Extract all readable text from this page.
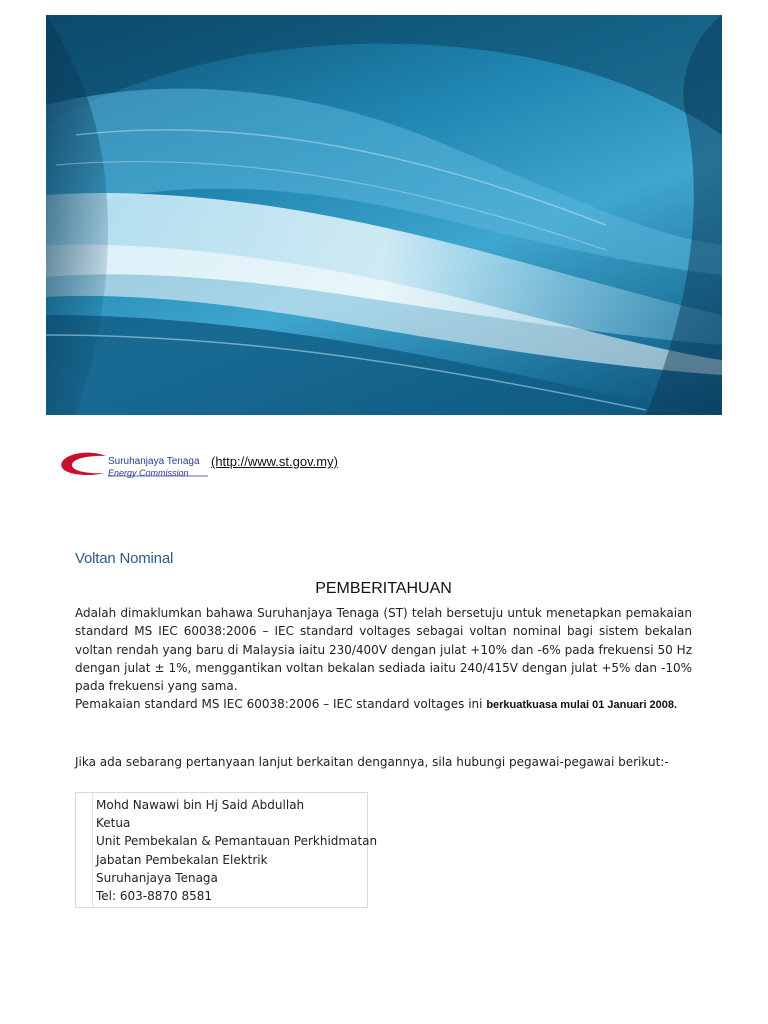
Suruhanjaya Tenaga
Energy Commission
(http://www.st.gov.my)
Voltan Nominal
PEMBERITAHUAN

Adalah dimaklumkan bahawa Suruhanjaya Tenaga (ST) telah bersetuju untuk menetapkan pemakaian standard MS IEC 60038:2006 – IEC standard voltages sebagai voltan nominal bagi sistem bekalan voltan rendah yang baru di Malaysia iaitu 230/400V dengan julat +10% dan -6% pada frekuensi 50 Hz dengan julat ± 1%, menggantikan voltan bekalan sediada iaitu 240/415V dengan julat +5% dan -10% pada frekuensi yang sama.

Pemakaian standard MS IEC 60038:2006 – IEC standard voltages ini berkuatkuasa mulai 01 Januari 2008.

Jika ada sebarang pertanyaan lanjut berkaitan dengannya, sila hubungi pegawai-pegawai berikut:-
Mohd Nawawi bin Hj Said Abdullah
Ketua
Unit Pembekalan & Pemantauan Perkhidmatan
Jabatan Pembekalan Elektrik
Suruhanjaya Tenaga
Tel: 603-8870 8581
